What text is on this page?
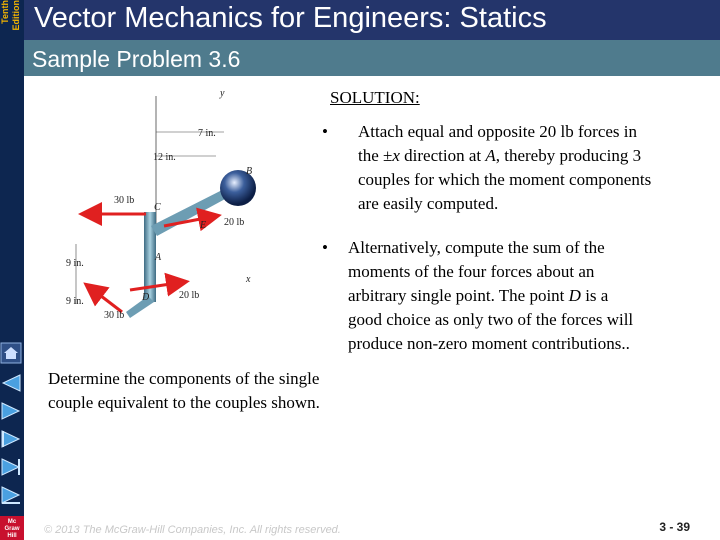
Tenth Edition
Mc
Graw
Hill
Vector Mechanics for Engineers: Statics
Sample Problem 3.6
y
7 in.
12 in.
9 in.
9 in.
B
30 lb
C
20 lb
E
A
20 lb
D
30 lb
x
SOLUTION:
• Attach equal and opposite 20 lb forces in
the ±x direction at A, thereby producing 3
couples for which the moment components
are easily computed.
• Alternatively, compute the sum of the
moments of the four forces about an
arbitrary single point. The point D is a
good choice as only two of the forces will
produce non-zero moment contributions..
Determine the components of the single couple equivalent to the couples shown.
© 2013 The McGraw-Hill Companies, Inc. All rights reserved.	3 - 39
